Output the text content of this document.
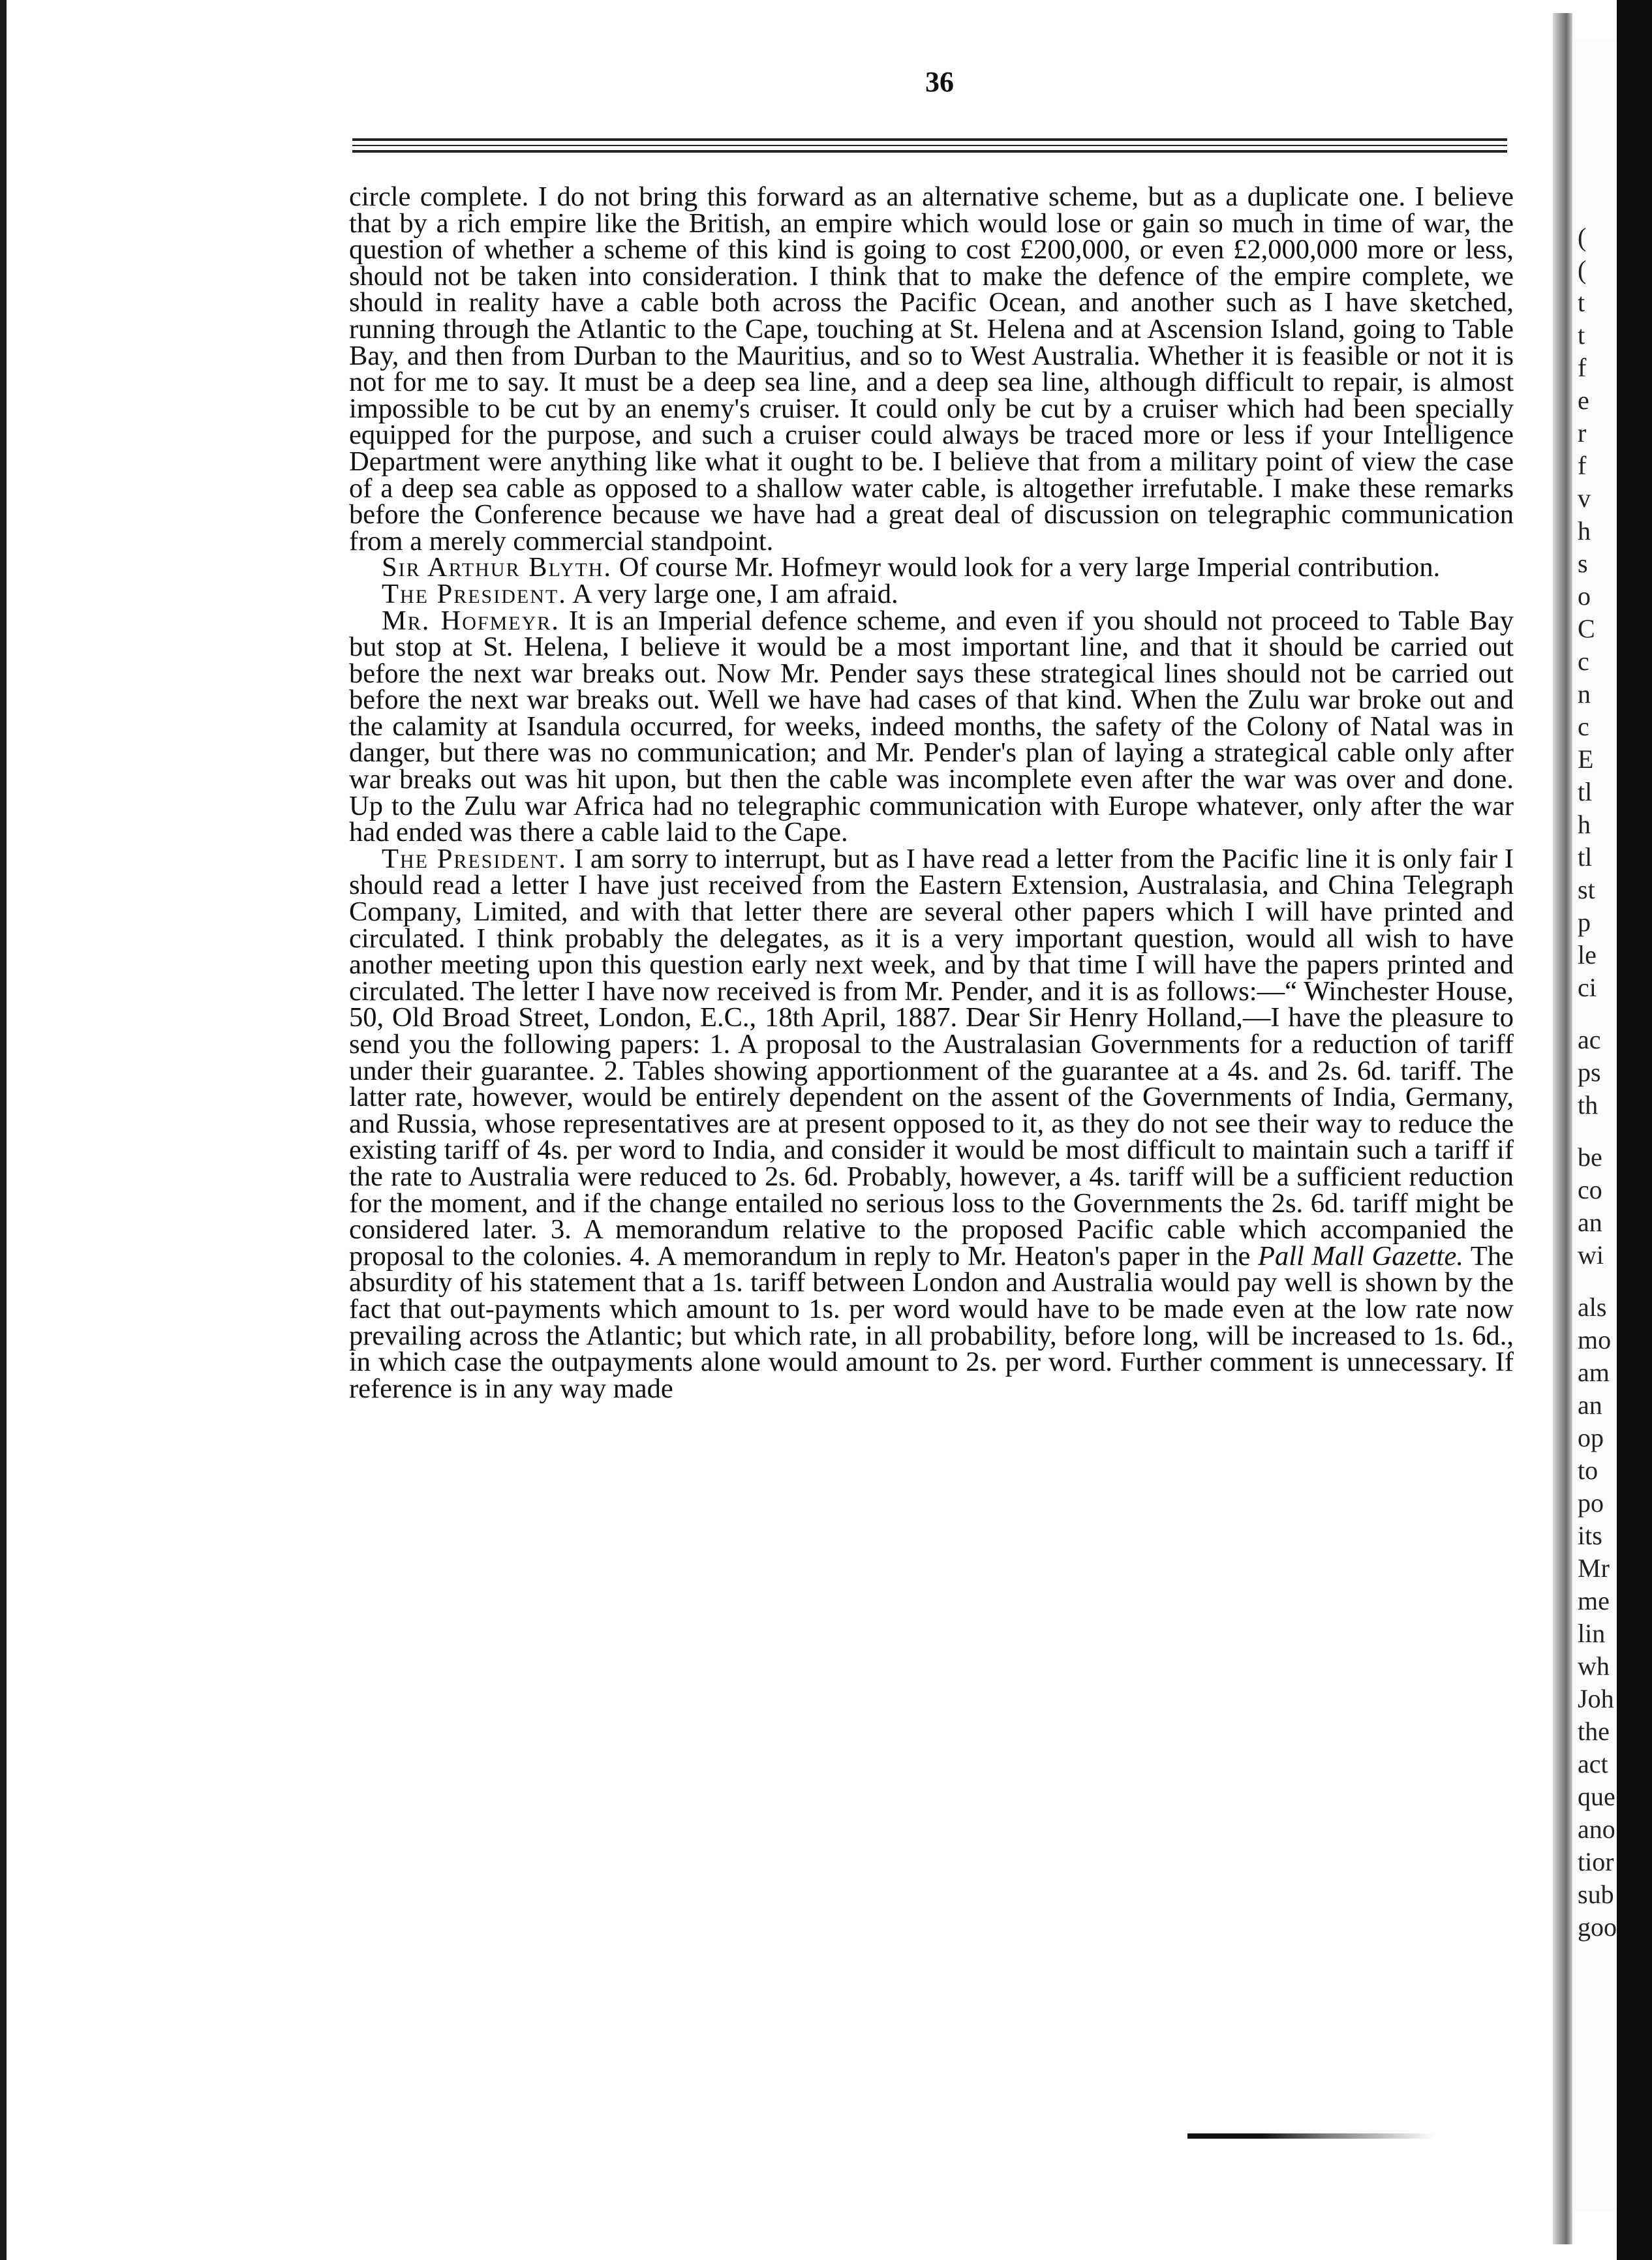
(
(
t
t
f
e
r
f
v
h
s
o
C
c
n
c
E
tl
h
tl
st
p
le
ci
ac
ps
th
be
co
an
wi
als
mo
am
an
op
to
po
its
Mr
me
lin
wh
Joh
the
act
que
ano
tior
sub
goo
36

circle complete. I do not bring this forward as an alternative scheme, but as a duplicate one. I believe that by a rich empire like the British, an empire which would lose or gain so much in time of war, the question of whether a scheme of this kind is going to cost £200,000, or even £2,000,000 more or less, should not be taken into consideration. I think that to make the defence of the empire complete, we should in reality have a cable both across the Pacific Ocean, and another such as I have sketched, running through the Atlantic to the Cape, touching at St. Helena and at Ascension Island, going to Table Bay, and then from Durban to the Mauritius, and so to West Australia. Whether it is feasible or not it is not for me to say. It must be a deep sea line, and a deep sea line, although difficult to repair, is almost impossible to be cut by an enemy's cruiser. It could only be cut by a cruiser which had been specially equipped for the purpose, and such a cruiser could always be traced more or less if your Intelligence Department were anything like what it ought to be. I believe that from a military point of view the case of a deep sea cable as opposed to a shallow water cable, is altogether irrefutable. I make these remarks before the Conference because we have had a great deal of discussion on telegraphic communication from a merely commercial standpoint.

Sir Arthur Blyth. Of course Mr. Hofmeyr would look for a very large Imperial contribution.

The President. A very large one, I am afraid.

Mr. Hofmeyr. It is an Imperial defence scheme, and even if you should not proceed to Table Bay but stop at St. Helena, I believe it would be a most important line, and that it should be carried out before the next war breaks out. Now Mr. Pender says these strategical lines should not be carried out before the next war breaks out. Well we have had cases of that kind. When the Zulu war broke out and the calamity at Isandula occurred, for weeks, indeed months, the safety of the Colony of Natal was in danger, but there was no communication; and Mr. Pender's plan of laying a strategical cable only after war breaks out was hit upon, but then the cable was incomplete even after the war was over and done. Up to the Zulu war Africa had no telegraphic communication with Europe whatever, only after the war had ended was there a cable laid to the Cape.

The President. I am sorry to interrupt, but as I have read a letter from the Pacific line it is only fair I should read a letter I have just received from the Eastern Extension, Australasia, and China Telegraph Company, Limited, and with that letter there are several other papers which I will have printed and circulated. I think probably the delegates, as it is a very important question, would all wish to have another meeting upon this question early next week, and by that time I will have the papers printed and circulated. The letter I have now received is from Mr. Pender, and it is as follows:—“ Winchester House, 50, Old Broad Street, London, E.C., 18th April, 1887. Dear Sir Henry Holland,—I have the pleasure to send you the following papers: 1. A proposal to the Australasian Governments for a reduction of tariff under their guarantee. 2. Tables showing apportionment of the guarantee at a 4s. and 2s. 6d. tariff. The latter rate, however, would be entirely dependent on the assent of the Governments of India, Germany, and Russia, whose representatives are at present opposed to it, as they do not see their way to reduce the existing tariff of 4s. per word to India, and consider it would be most difficult to maintain such a tariff if the rate to Australia were reduced to 2s. 6d. Probably, however, a 4s. tariff will be a sufficient reduction for the moment, and if the change entailed no serious loss to the Governments the 2s. 6d. tariff might be considered later. 3. A memorandum relative to the proposed Pacific cable which accompanied the proposal to the colonies. 4. A memorandum in reply to Mr. Heaton's paper in the Pall Mall Gazette. The absurdity of his statement that a 1s. tariff between London and Australia would pay well is shown by the fact that out-payments which amount to 1s. per word would have to be made even at the low rate now prevailing across the Atlantic; but which rate, in all probability, before long, will be increased to 1s. 6d., in which case the outpayments alone would amount to 2s. per word. Further comment is unnecessary. If reference is in any way made
